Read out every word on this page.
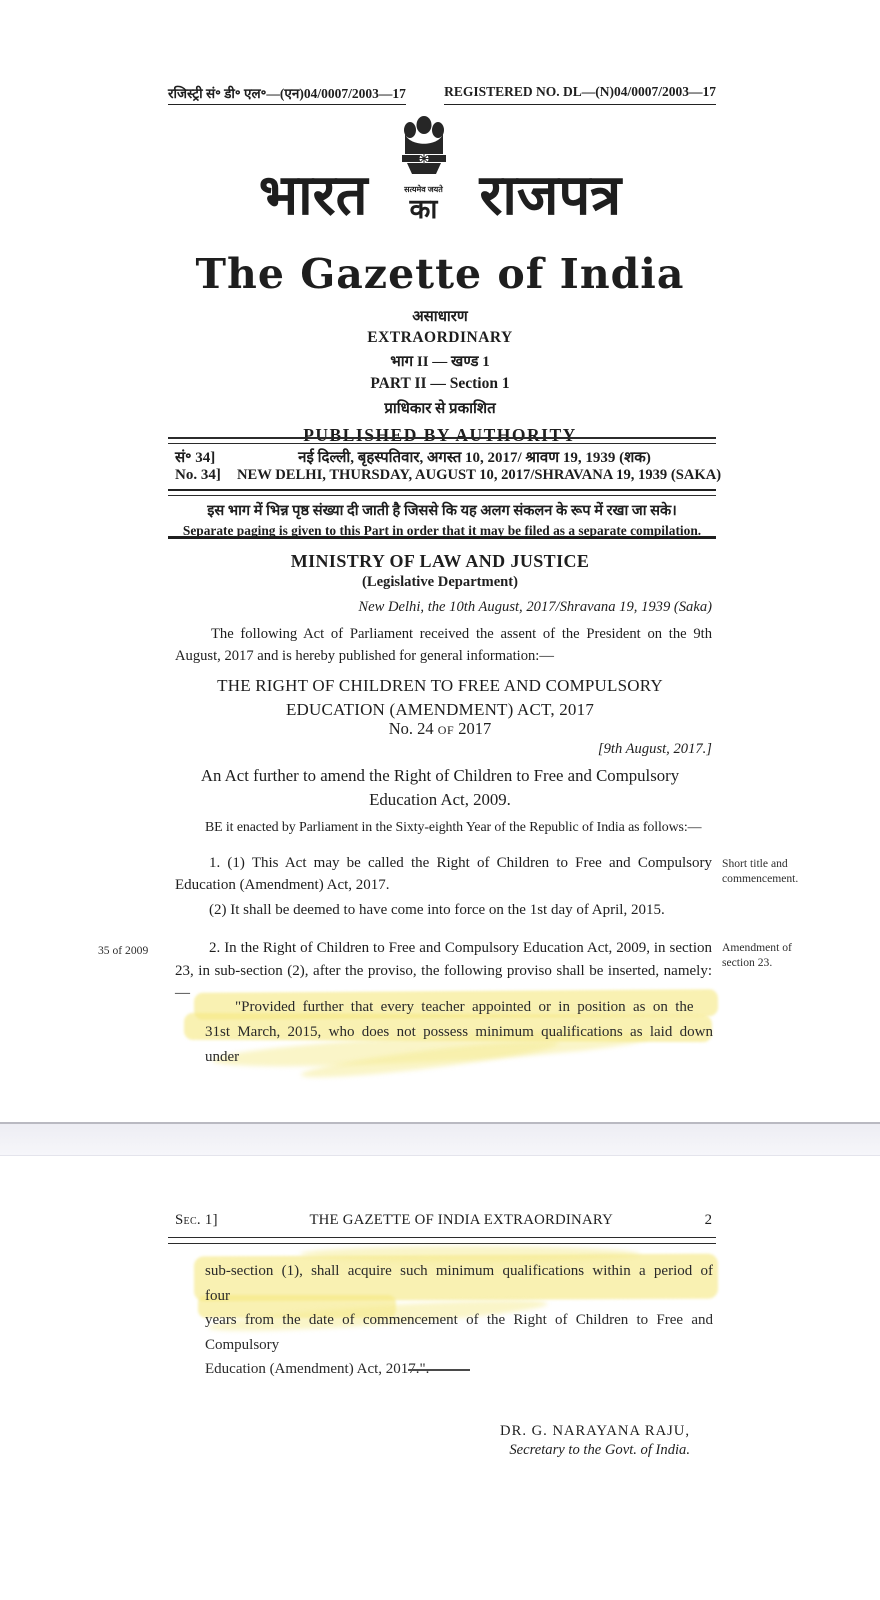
रजिस्ट्री सं॰ डी॰ एल॰—(एन)04/0007/2003—17	REGISTERED NO. DL—(N)04/0007/2003—17
भारत	सत्यमेव जयते
का राजपत्र
The Gazette of India
असाधारण
EXTRAORDINARY
भाग II — खण्ड 1
PART II — Section 1
प्राधिकार से प्रकाशित
PUBLISHED BY AUTHORITY
सं॰ 34]	नई दिल्ली, बृहस्पतिवार, अगस्त 10, 2017/ श्रावण 19, 1939 (शक)
No. 34]	NEW DELHI, THURSDAY, AUGUST 10, 2017/SHRAVANA 19, 1939 (SAKA)
इस भाग में भिन्न पृष्ठ संख्या दी जाती है जिससे कि यह अलग संकलन के रूप में रखा जा सके।
Separate paging is given to this Part in order that it may be filed as a separate compilation.
MINISTRY OF LAW AND JUSTICE
(Legislative Department)
New Delhi, the 10th August, 2017/Shravana 19, 1939 (Saka)
The following Act of Parliament received the assent of the President on the 9th August, 2017 and is hereby published for general information:—
THE RIGHT OF CHILDREN TO FREE AND COMPULSORY
EDUCATION (AMENDMENT) ACT, 2017
No. 24 OF 2017
[9th August, 2017.]
An Act further to amend the Right of Children to Free and Compulsory
Education Act, 2009.
BE it enacted by Parliament in the Sixty-eighth Year of the Republic of India as follows:—
1. (1) This Act may be called the Right of Children to Free and Compulsory Education (Amendment) Act, 2017.
Short title and commencement.
(2) It shall be deemed to have come into force on the 1st day of April, 2015.
35 of 2009	2. In the Right of Children to Free and Compulsory Education Act, 2009, in section 23, in sub-section (2), after the proviso, the following proviso shall be inserted, namely:—
Amendment of section 23.
"Provided further that every teacher appointed or in position as on the
31st March, 2015, who does not possess minimum qualifications as laid down under
Sec. 1]	THE GAZETTE OF INDIA EXTRAORDINARY	2
sub-section (1), shall acquire such minimum qualifications within a period of four
years from the date of commencement of the Right of Children to Free and Compulsory
Education (Amendment) Act, 2017.".
DR. G. NARAYANA RAJU,
Secretary to the Govt. of India.
